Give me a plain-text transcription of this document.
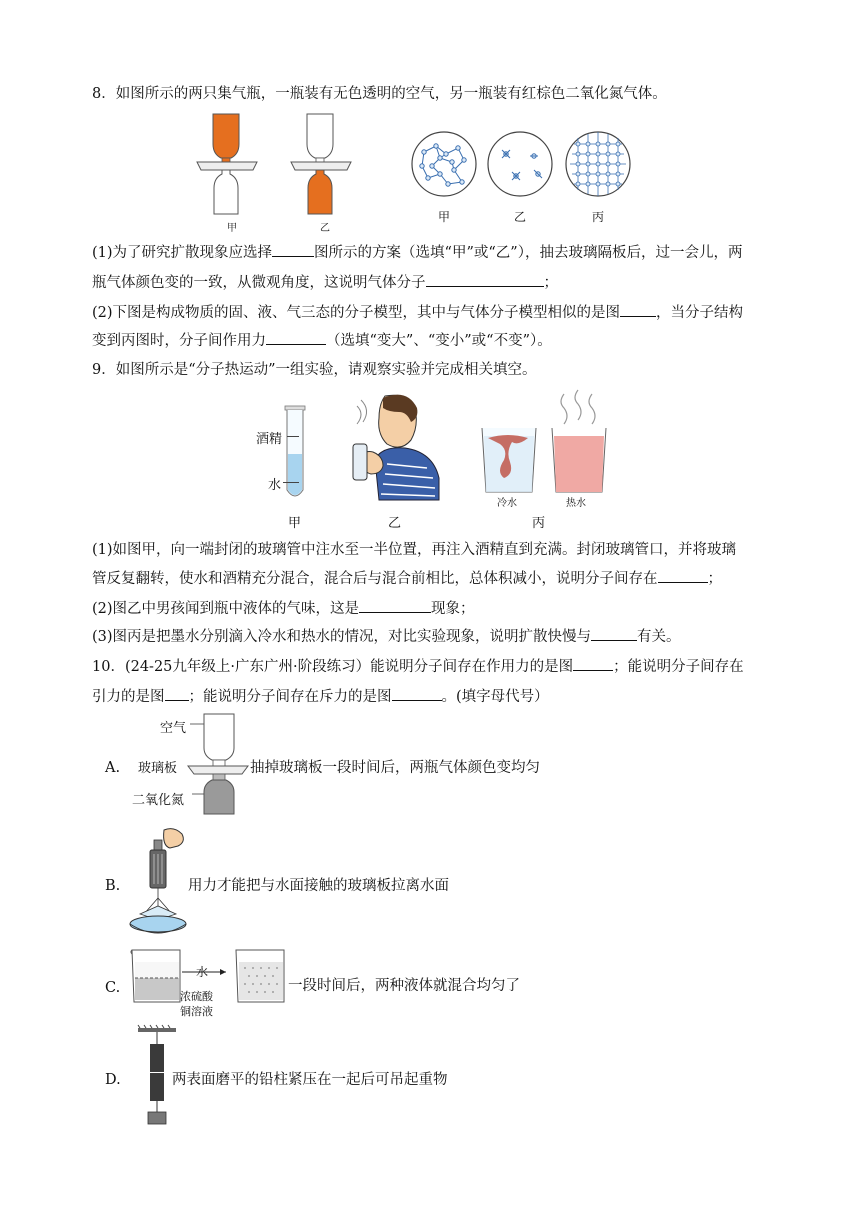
8．如图所示的两只集气瓶，一瓶装有无色透明的空气，另一瓶装有红棕色二氧化氮气体。
甲	乙
甲	乙	丙
(1)为了研究扩散现象应选择	图所示的方案（选填“甲”或“乙”），抽去玻璃隔板后，过一会儿，两
瓶气体颜色变的一致，从微观角度，这说明气体分子	；
(2)下图是构成物质的固、液、气三态的分子模型，其中与气体分子模型相似的是图 ，当分子结构
变到丙图时，分子间作用力	（选填“变大”、“变小”或“不变”）。
9．如图所示是“分子热运动”一组实验，请观察实验并完成相关填空。
酒精
水
甲	乙
冷水	热水
丙
(1)如图甲，向一端封闭的玻璃管中注水至一半位置，再注入酒精直到充满。封闭玻璃管口，并将玻璃
管反复翻转，使水和酒精充分混合，混合后与混合前相比，总体积减小，说明分子间存在	；
(2)图乙中男孩闻到瓶中液体的气味，这是	现象；
(3)图丙是把墨水分别滴入冷水和热水的情况，对比实验现象，说明扩散快慢与	有关。
10．(24-25九年级上·广东广州·阶段练习）能说明分子间存在作用力的是图	；能说明分子间存在
引力的是图 ；能说明分子间存在斥力的是图	。(填字母代号）
A.
空气
玻璃板
二氧化氮
抽掉玻璃板一段时间后，两瓶气体颜色变均匀
B.	用力才能把与水面接触的玻璃板拉离水面
C.
水
浓硫酸
铜溶液
一段时间后，两种液体就混合均匀了
D.	两表面磨平的铅柱紧压在一起后可吊起重物
